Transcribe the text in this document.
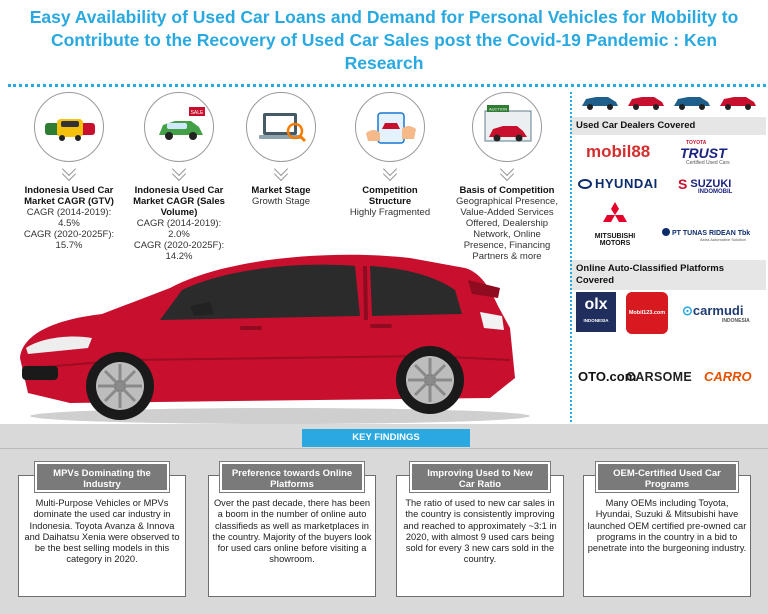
Easy Availability of Used Car Loans and Demand for Personal Vehicles for Mobility to Contribute to the Recovery of Used Car Sales post the Covid-19 Pandemic : Ken Research
Indonesia Used Car Market CAGR (GTV)
CAGR (2014-2019):
4.5%
CAGR (2020-2025F):
15.7%
SALE
Indonesia Used Car Market CAGR (Sales Volume)
CAGR (2014-2019):
2.0%
CAGR (2020-2025F):
14.2%
Market Stage
Growth Stage
Competition Structure
Highly Fragmented
AUCTION
Basis of Competition
Geographical Presence, Value-Added Services Offered, Dealership Network, Online Presence, Financing Partners & more
Used Car Dealers Covered
mobil88	TOYOTA
TRUST
Certified Used Cars
HYUNDAI S SUZUKI
INDOMOBIL
MITSUBISHI
MOTORS
PT TUNAS RIDEAN Tbk
Astra Automotive Solution
Online Auto-Classified Platforms Covered
olx
INDONESIA
Mobil123.com ⊙carmudi
INDONESIA
OTO.com
CARSOME CARRO
KEY FINDINGS
MPVs Dominating the Industry
Multi-Purpose Vehicles or MPVs dominate the used car industry in Indonesia. Toyota Avanza & Innova and Daihatsu Xenia were observed to be the best selling models in this category in 2020.
Preference towards Online Platforms
Over the past decade, there has been a boom in the number of online auto classifieds as well as marketplaces in the country. Majority of the buyers look for used cars online before visiting a showroom.
Improving Used to New Car Ratio
The ratio of used to new car sales in the country is consistently improving and reached to approximately ~3:1 in 2020, with almost 9 used cars being sold for every 3 new cars sold in the country.
OEM-Certified Used Car Programs
Many OEMs including Toyota, Hyundai, Suzuki & Mitsubishi have launched OEM certified pre-owned car programs in the country in a bid to penetrate into the burgeoning industry.
